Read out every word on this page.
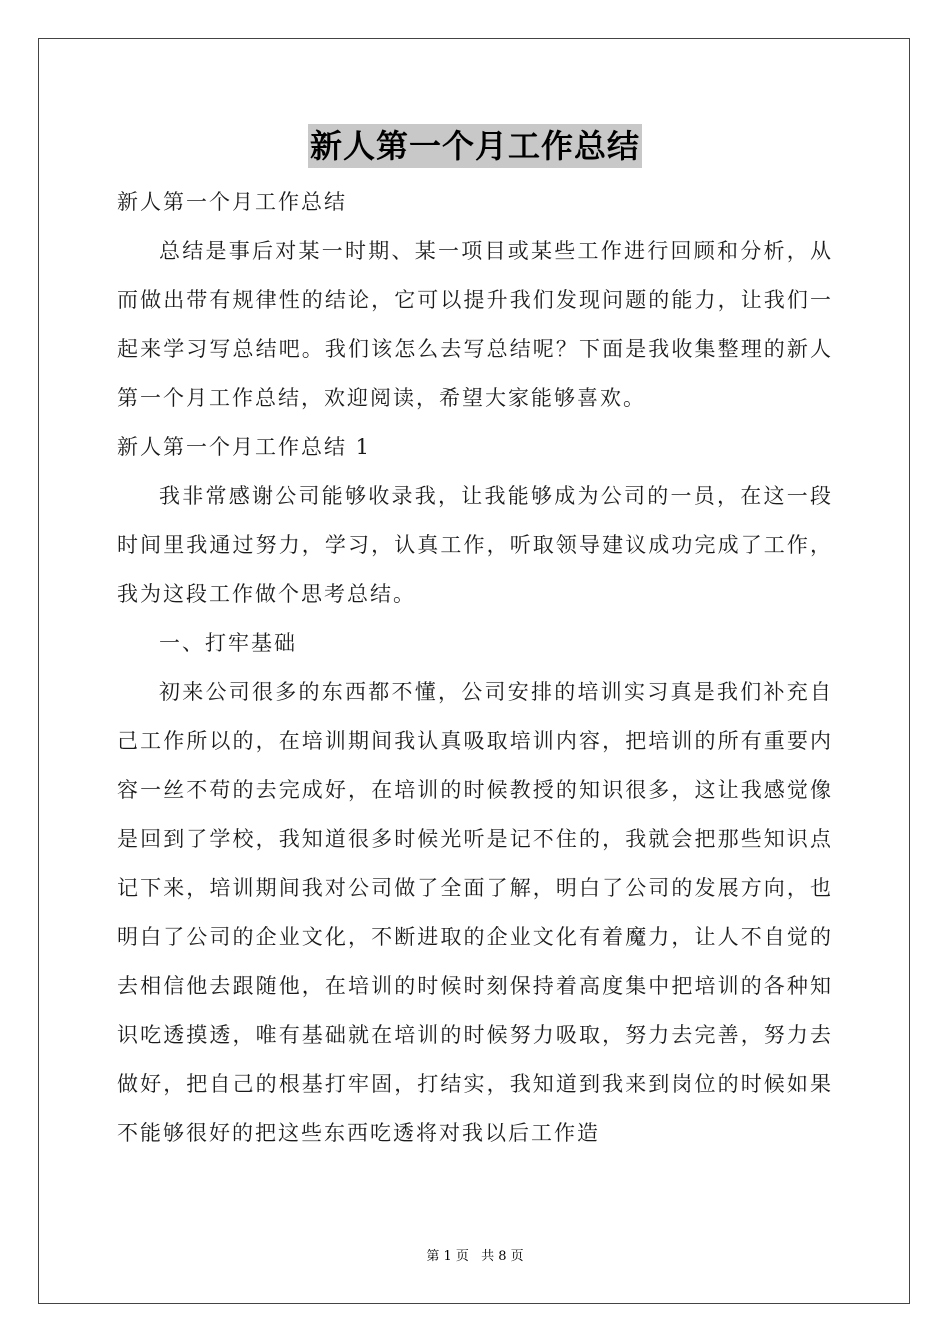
新人第一个月工作总结

新人第一个月工作总结

总结是事后对某一时期、某一项目或某些工作进行回顾和分析，从而做出带有规律性的结论，它可以提升我们发现问题的能力，让我们一起来学习写总结吧。我们该怎么去写总结呢？下面是我收集整理的新人第一个月工作总结，欢迎阅读，希望大家能够喜欢。

新人第一个月工作总结 1

我非常感谢公司能够收录我，让我能够成为公司的一员，在这一段时间里我通过努力，学习，认真工作，听取领导建议成功完成了工作，我为这段工作做个思考总结。

一、打牢基础

初来公司很多的东西都不懂，公司安排的培训实习真是我们补充自己工作所以的，在培训期间我认真吸取培训内容，把培训的所有重要内容一丝不苟的去完成好，在培训的时候教授的知识很多，这让我感觉像是回到了学校，我知道很多时候光听是记不住的，我就会把那些知识点记下来，培训期间我对公司做了全面了解，明白了公司的发展方向，也明白了公司的企业文化，不断进取的企业文化有着魔力，让人不自觉的去相信他去跟随他，在培训的时候时刻保持着高度集中把培训的各种知识吃透摸透，唯有基础就在培训的时候努力吸取，努力去完善，努力去做好，把自己的根基打牢固，打结实，我知道到我来到岗位的时候如果不能够很好的把这些东西吃透将对我以后工作造

第 1 页 共 8 页
